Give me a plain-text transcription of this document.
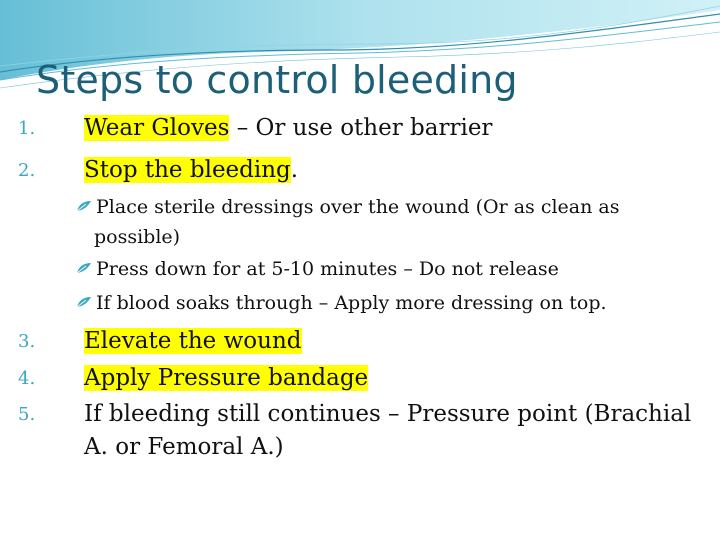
Steps to control bleeding
1. Wear Gloves – Or use other barrier
2. Stop the bleeding.
Place sterile dressings over the wound (Or as clean as
possible)
Press down for at 5-10 minutes – Do not release
If blood soaks through – Apply more dressing on top.
3. Elevate the wound
4. Apply Pressure bandage
5. If bleeding still continues – Pressure point (Brachial
A. or Femoral A.)
